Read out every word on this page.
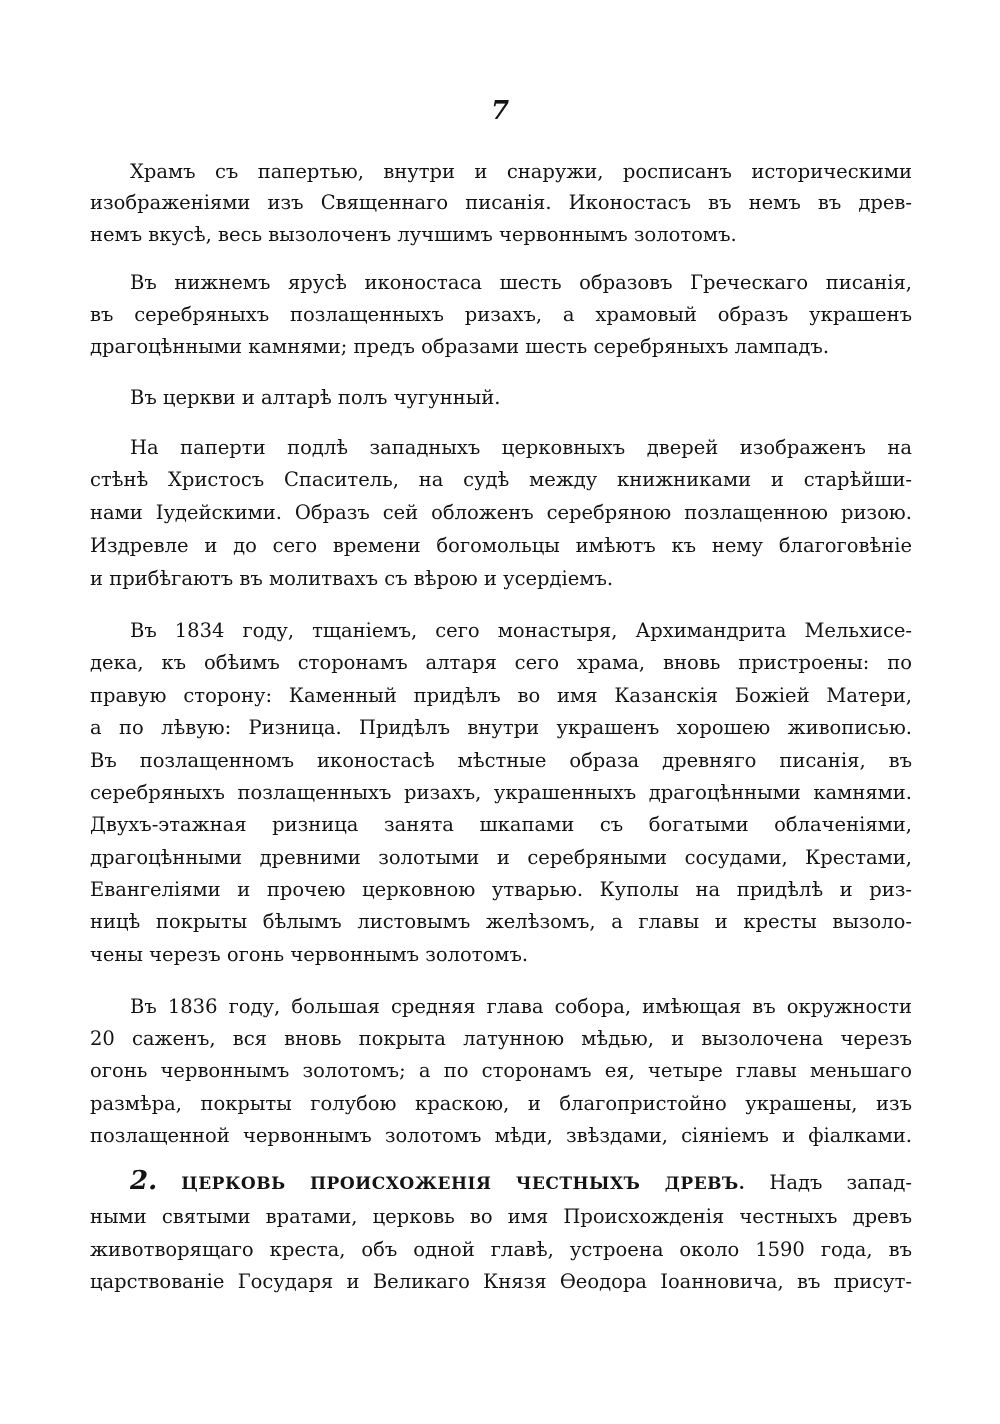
7
Храмъ съ папертью, внутри и снаружи, росписанъ историческими
изображеніями изъ Священнаго писанія. Иконостасъ въ немъ въ древ-
немъ вкусѣ, весь вызолоченъ лучшимъ червоннымъ золотомъ.
Въ нижнемъ ярусѣ иконостаса шесть образовъ Греческаго писанія,
въ серебряныхъ позлащенныхъ ризахъ, а храмовый образъ украшенъ
драгоцѣнными камнями; предъ образами шесть серебряныхъ лампадъ.
Въ церкви и алтарѣ полъ чугунный.
На паперти подлѣ западныхъ церковныхъ дверей изображенъ на
стѣнѣ Христосъ Спаситель, на судѣ между книжниками и старѣйши-
нами Іудейскими. Образъ сей обложенъ серебряною позлащенною ризою.
Издревле и до сего времени богомольцы имѣютъ къ нему благоговѣніе
и прибѣгаютъ въ молитвахъ съ вѣрою и усердіемъ.
Въ 1834 году, тщаніемъ, сего монастыря, Архимандрита Мельхисе-
дека, къ обѣимъ сторонамъ алтаря сего храма, вновь пристроены: по
правую сторону: Каменный придѣлъ во имя Казанскія Божіей Матери,
а по лѣвую: Ризница. Придѣлъ внутри украшенъ хорошею живописью.
Въ позлащенномъ иконостасѣ мѣстные образа древняго писанія, въ
серебряныхъ позлащенныхъ ризахъ, украшенныхъ драгоцѣнными камнями.
Двухъ-этажная ризница занята шкапами съ богатыми облаченіями,
драгоцѣнными древними золотыми и серебряными сосудами, Крестами,
Евангеліями и прочею церковною утварью. Куполы на придѣлѣ и риз-
ницѣ покрыты бѣлымъ листовымъ желѣзомъ, а главы и кресты вызоло-
чены черезъ огонь червоннымъ золотомъ.
Въ 1836 году, большая средняя глава собора, имѣющая въ окружности
20 саженъ, вся вновь покрыта латунною мѣдью, и вызолочена черезъ
огонь червоннымъ золотомъ; а по сторонамъ ея, четыре главы меньшаго
размѣра, покрыты голубою краскою, и благопристойно украшены, изъ
позлащенной червоннымъ золотомъ мѣди, звѣздами, сіяніемъ и фіалками.
2. ЦЕРКОВЬ ПРОИСХОЖЕНІЯ ЧЕСТНЫХЪ ДРЕВЪ. Надъ запад-
ными святыми вратами, церковь во имя Происхожденія честныхъ древъ
животворящаго креста, объ одной главѣ, устроена около 1590 года, въ
царствованіе Государя и Великаго Князя Ѳеодора Іоанновича, въ присут-
